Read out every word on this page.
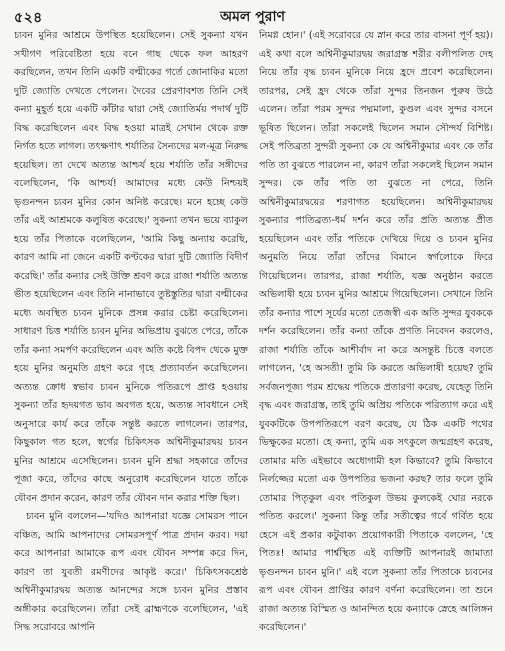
৫২৪	অমল পুরাণ

চ্যবন মুনির আশ্রমে উপস্থিত হয়েছিলেন। সেই সুকন্যা যখন সখীগণ পরিবেষ্টিতা হয়ে বনে গাছ থেকে ফল আহরণ করছিলেন, তখন তিনি একটি বল্মীকের গর্তে জোনাকির মতো দুটি জ্যোতি দেখতে পেলেন। দৈবের প্রেরণাবশত তিনি সেই কন্যা মুহূর্ত হয়ে একটি কাঁটার দ্বারা সেই জ্যোতির্ময় পদার্থ দুটি বিদ্ধ করেছিলেন এবং বিদ্ধ হওয়া মাত্রই সেখান থেকে রক্ত নির্গত হতে লাগল। তৎক্ষণাৎ শর্যাতির সৈন্যদের মল-মূত্র নিরুদ্ধ হয়েছিল। তা দেখে অত্যন্ত আশ্চর্য হয়ে শর্যাতি তাঁর সঙ্গীদের বলেছিলেন, 'কি আশ্চর্য! আমাদের মধ্যে কেউ নিশ্চয়ই ভৃগুনন্দন চ্যবন মুনির কোন অনিষ্ট করেছে। মনে হচ্ছে কেউ তাঁর এই আশ্রমকে কলুষিত করেছে।' সুকন্যা তখন ভয়ে ব্যাকুল হয়ে তাঁর পিতাকে বলেছিলেন, 'আমি কিছু অন্যায় করেছি, কারণ আমি না জেনে একটি কণ্টকের দ্বারা দুটি জ্যোতি বিদীর্ণ করেছি।' তাঁর কন্যার সেই উক্তি শ্রবণ করে রাজা শর্যাতি অত্যন্ত ভীত হয়েছিলেন এবং তিনি নানাভাবে তুষ্টস্তুতির দ্বারা বল্মীকের মধ্যে অবস্থিত চ্যবন মুনিকে প্রসন্ন করার চেষ্টা করেছিলেন। সাধারণ চিত্ত শর্যাতি চ্যবন মুনির অভিপ্রায় বুঝতে পেরে, তাঁকে তাঁর কন্যা সমর্পণ করেছিলেন এবং অতি কষ্টে বিপদ থেকে মুক্ত হয়ে মুনির অনুমতি গ্রহণ করে গৃহে প্রত্যাবর্তন করেছিলেন। অত্যন্ত ক্রোধ স্বভাব চ্যবন মুনিকে পতিরূপে প্রাপ্ত হওয়ায় সুকন্যা তাঁর হৃদয়গত ভাব অবগত হয়ে, অত্যন্ত সাবধানে সেই অনুসারে কার্য করে তাঁকে সন্তুষ্ট করতে লাগলেন। তারপর, কিছুকাল গত হলে, স্বর্গের চিকিৎসক অশ্বিনীকুমারদ্বয় চ্যবন মুনির আশ্রমে এসেছিলেন। চ্যবন মুনি শ্রদ্ধা সহকারে তাঁদের পূজা করে, তাঁদের কাছে অনুরোধ করেছিলেন যাতে তাঁকে যৌবন প্রদান করেন, কারণ তাঁর যৌবন দান করার শক্তি ছিল।

চ্যবন মুনি বললেন—'যদিও আপনারা যজ্ঞে সোমরস পানে বঞ্চিত, আমি আপনাদের সোমরসপূর্ণ পাত্র প্রদান করব। দয়া করে আপনারা আমাকে রূপ এবং যৌবন সম্পন্ন করে দিন, কারণ তা যুবতী রমণীদের আকৃষ্ট করে।' চিকিৎসকশ্রেষ্ঠ অশ্বিনীকুমারদ্বয় অত্যন্ত আনন্দের সঙ্গে চ্যবন মুনির প্রস্তাব অঙ্গীকার করেছিলেন। তাঁরা সেই ব্রাহ্মণকে বলেছিলেন, 'এই সিদ্ধ সরোবরে আপনি

নিমগ্ন হোন।' (এই সরোবরে যে স্নান করে তার বাসনা পূর্ণ হয়)। এই কথা বলে অশ্বিনীকুমারদ্বয় জরাগ্রস্ত শরীর বলীপলিত দেহ নিয়ে তাঁর বৃদ্ধ চ্যবন মুনিকে নিয়ে হ্রদে প্রবেশ করেছিলেন। তারপর, সেই হ্রদ থেকে তাঁরা সুন্দর তিনজন পুরুষ উঠে এলেন। তাঁরা পরম সুন্দর পদ্মমালা, কুণ্ডল এবং সুন্দর বসনে ভূষিত ছিলেন। তাঁরা সকলেই ছিলেন সমান সৌন্দর্য বিশিষ্ট। সেই পতিব্রতা সুন্দরী সুকন্যা কে যে অশ্বিনীকুমার এবং কে তাঁর পতি তা বুঝতে পারলেন না, কারণ তাঁরা সকলেই ছিলেন সমান সুন্দর। কে তাঁর পতি তা বুঝতে না পেরে, তিনি অশ্বিনীকুমারদ্বয়ের শরণাগত হয়েছিলেন। অশ্বিনীকুমারদ্বয় সুকন্যার পাতিব্রত্য-ধর্ম দর্শন করে তাঁর প্রতি অত্যন্ত প্রীত হয়েছিলেন এবং তাঁর পতিকে দেখিয়ে দিয়ে ও চ্যবন মুনির অনুমতি নিয়ে তাঁরা তাঁদের বিমানে স্বর্গলোকে ফিরে গিয়েছিলেন। তারপর, রাজা শর্যাতি, যজ্ঞ অনুষ্ঠান করতে অভিলাষী হয়ে চ্যবন মুনির আশ্রমে গিয়েছিলেন। সেখানে তিনি তাঁর কন্যার পাশে সূর্যের মতো তেজস্বী এক অতি সুন্দর যুবককে দর্শন করেছিলেন। তাঁর কন্যা তাঁকে প্রণতি নিবেদন করলেও, রাজা শর্যাতি তাঁকে আশীর্বাদ না করে অসন্তুষ্ট চিত্তে বলতে লাগলেন, 'হে অসতী! তুমি কি করতে অভিলাষী হয়েছ? তুমি সর্বজনপূজ্য পরম শ্রদ্ধেয় পতিকে প্রতারণা করেছ, যেহেতু তিনি বৃদ্ধ এবং জরাগ্রস্ত, তাই তুমি অপ্রিয় পতিকে পরিত্যাগ করে এই যুবকটিকে উপপতিরূপে বরণ করেছ, যে ঠিক একটি পথের ভিক্ষুকের মতো। হে কন্যা, তুমি এক সৎকুলে জন্মগ্রহণ করেছ, তোমার মতি এইভাবে অধোগামী হল কিভাবে? তুমি কিভাবে নির্লজ্জের মতো এক উপপতির ভজনা করছ? তার ফলে তুমি তোমার পিতৃকুল এবং পতিকুল উভয় কুলকেই ঘোর নরকে পতিত করলে।' সুকন্যা কিন্তু তাঁর সতীত্বের গর্বে গর্বিত হয়ে হেসে এই প্রকার কটুবাক্য প্রয়োগকারী পিতাকে বললেন, 'হে পিতঃ! আমার পার্শ্বস্থিত এই ব্যক্তিটি আপনারই জামাতা ভৃগুনন্দন চ্যবন মুনি।' এই বলে সুকন্যা তাঁর পিতাকে চ্যবনের রূপ এবং যৌবন প্রাপ্তির কারণ বর্ণনা করেছিলেন। তা শুনে রাজা অত্যন্ত বিস্মিত ও আনন্দিত হয়ে কন্যাকে স্নেহে আলিঙ্গন করেছিলেন।'
